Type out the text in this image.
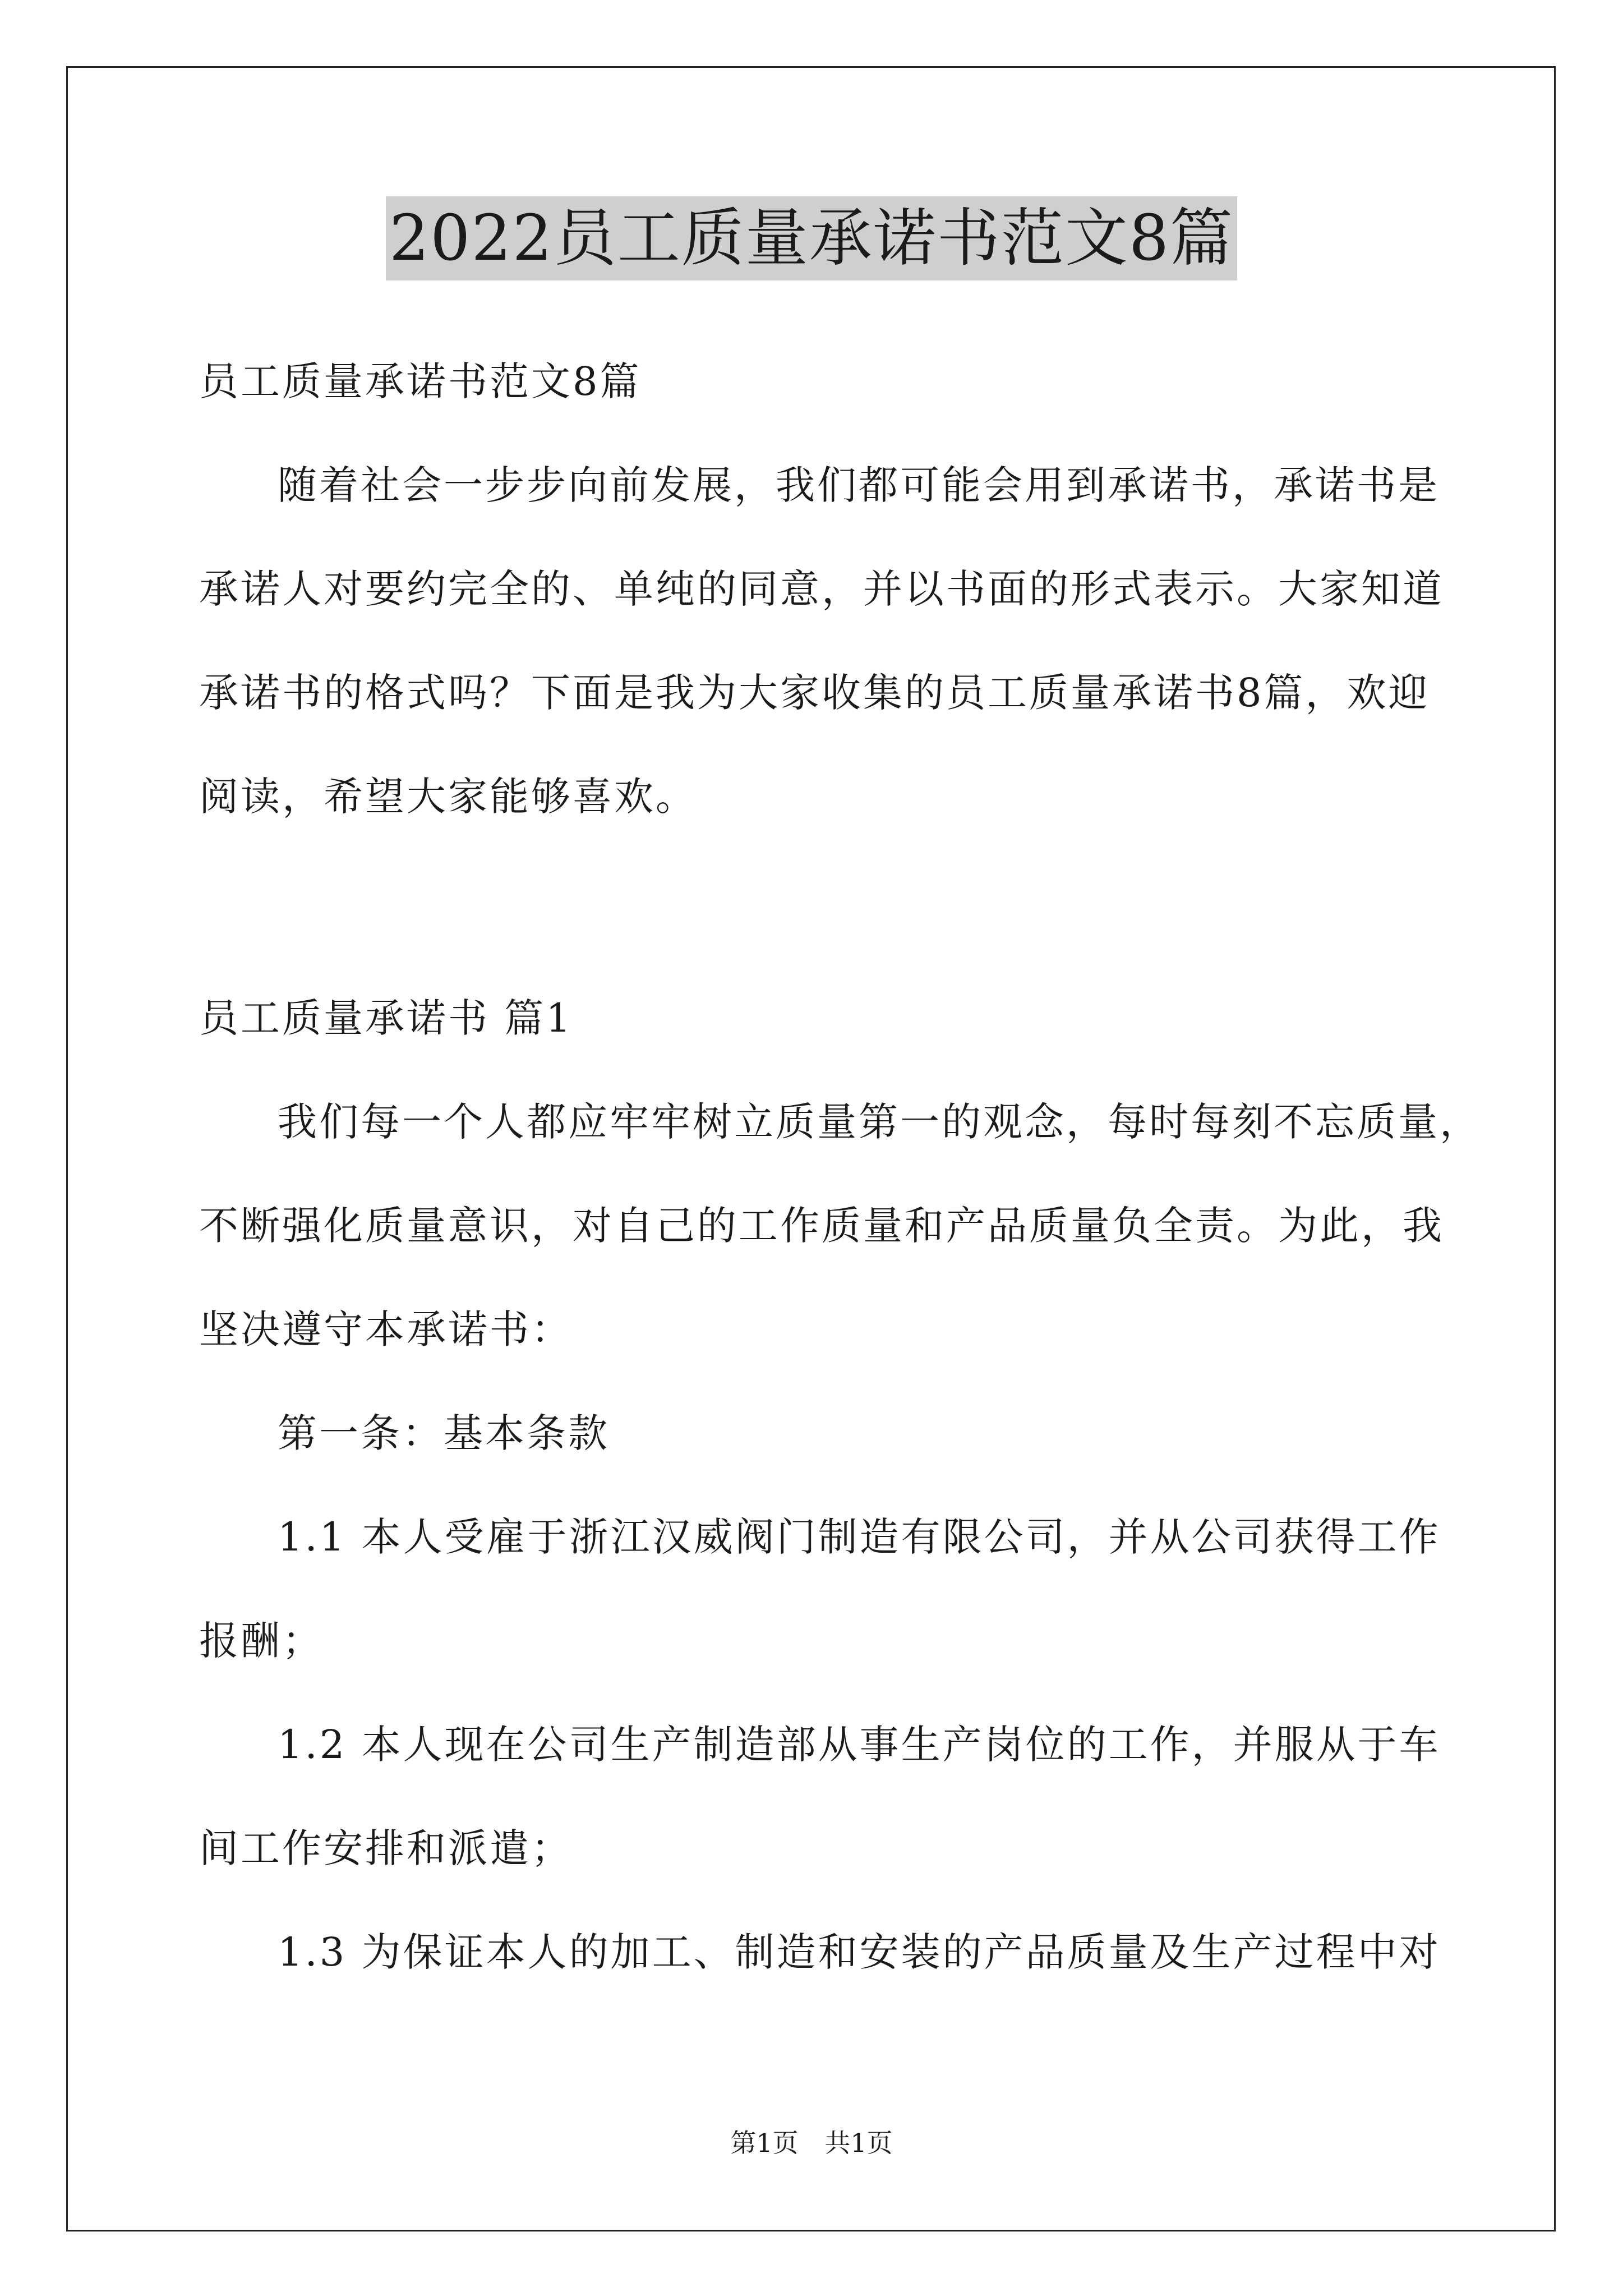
2022员工质量承诺书范文8篇
员工质量承诺书范文8篇
随着社会一步步向前发展，我们都可能会用到承诺书，承诺书是
承诺人对要约完全的、单纯的同意，并以书面的形式表示。大家知道
承诺书的格式吗？下面是我为大家收集的员工质量承诺书8篇，欢迎
阅读，希望大家能够喜欢。
员工质量承诺书 篇1
我们每一个人都应牢牢树立质量第一的观念，每时每刻不忘质量，
不断强化质量意识，对自己的工作质量和产品质量负全责。为此，我
坚决遵守本承诺书：
第一条：基本条款
1.1 本人受雇于浙江汉威阀门制造有限公司，并从公司获得工作
报酬；
1.2 本人现在公司生产制造部从事生产岗位的工作，并服从于车
间工作安排和派遣；
1.3 为保证本人的加工、制造和安装的产品质量及生产过程中对
第1页 共1页
